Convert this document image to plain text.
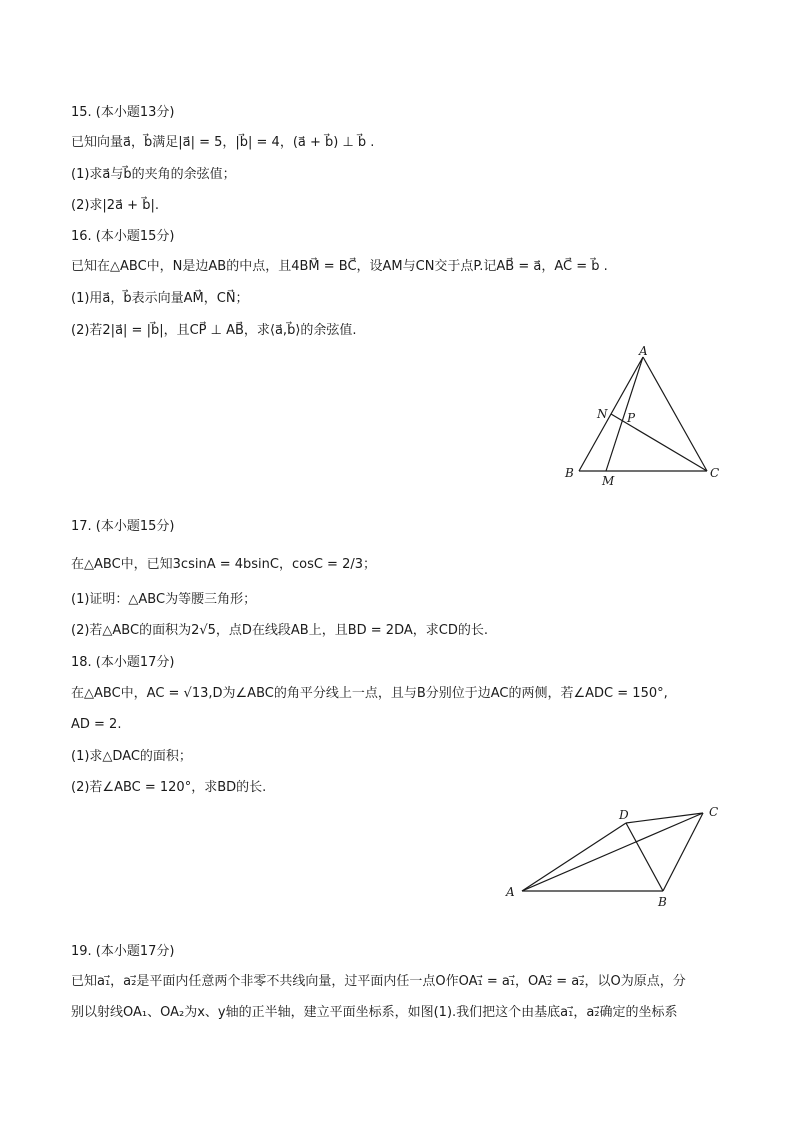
15. (本小题13分)
已知向量a⃗，b⃗满足|a⃗| = 5，|b⃗| = 4，(a⃗ + b⃗) ⊥ b⃗ .
(1)求a⃗与b⃗的夹角的余弦值；
(2)求|2a⃗ + b⃗|.
16. (本小题15分)
已知在△ABC中，N是边AB的中点，且4BM⃗ = BC⃗，设AM与CN交于点P.记AB⃗ = a⃗，AC⃗ = b⃗ .
(1)用a⃗，b⃗表示向量AM⃗，CN⃗；
(2)若2|a⃗| = |b⃗|，且CP⃗ ⊥ AB⃗，求⟨a⃗,b⃗⟩的余弦值.
A
B	C
M
N P
17. (本小题15分)
在△ABC中，已知3csinA = 4bsinC，cosC = 2/3；
(1)证明：△ABC为等腰三角形；
(2)若△ABC的面积为2√5，点D在线段AB上，且BD = 2DA，求CD的长.
18. (本小题17分)
在△ABC中，AC = √13,D为∠ABC的角平分线上一点，且与B分别位于边AC的两侧，若∠ADC = 150°,
AD = 2.
(1)求△DAC的面积；
(2)若∠ABC = 120°，求BD的长.
A
B
C
D
19. (本小题17分)
已知a₁⃗，a₂⃗是平面内任意两个非零不共线向量，过平面内任一点O作OA₁⃗ = a₁⃗，OA₂⃗ = a₂⃗，以O为原点，分
别以射线OA₁、OA₂为x、y轴的正半轴，建立平面坐标系，如图(1).我们把这个由基底a₁⃗，a₂⃗确定的坐标系
